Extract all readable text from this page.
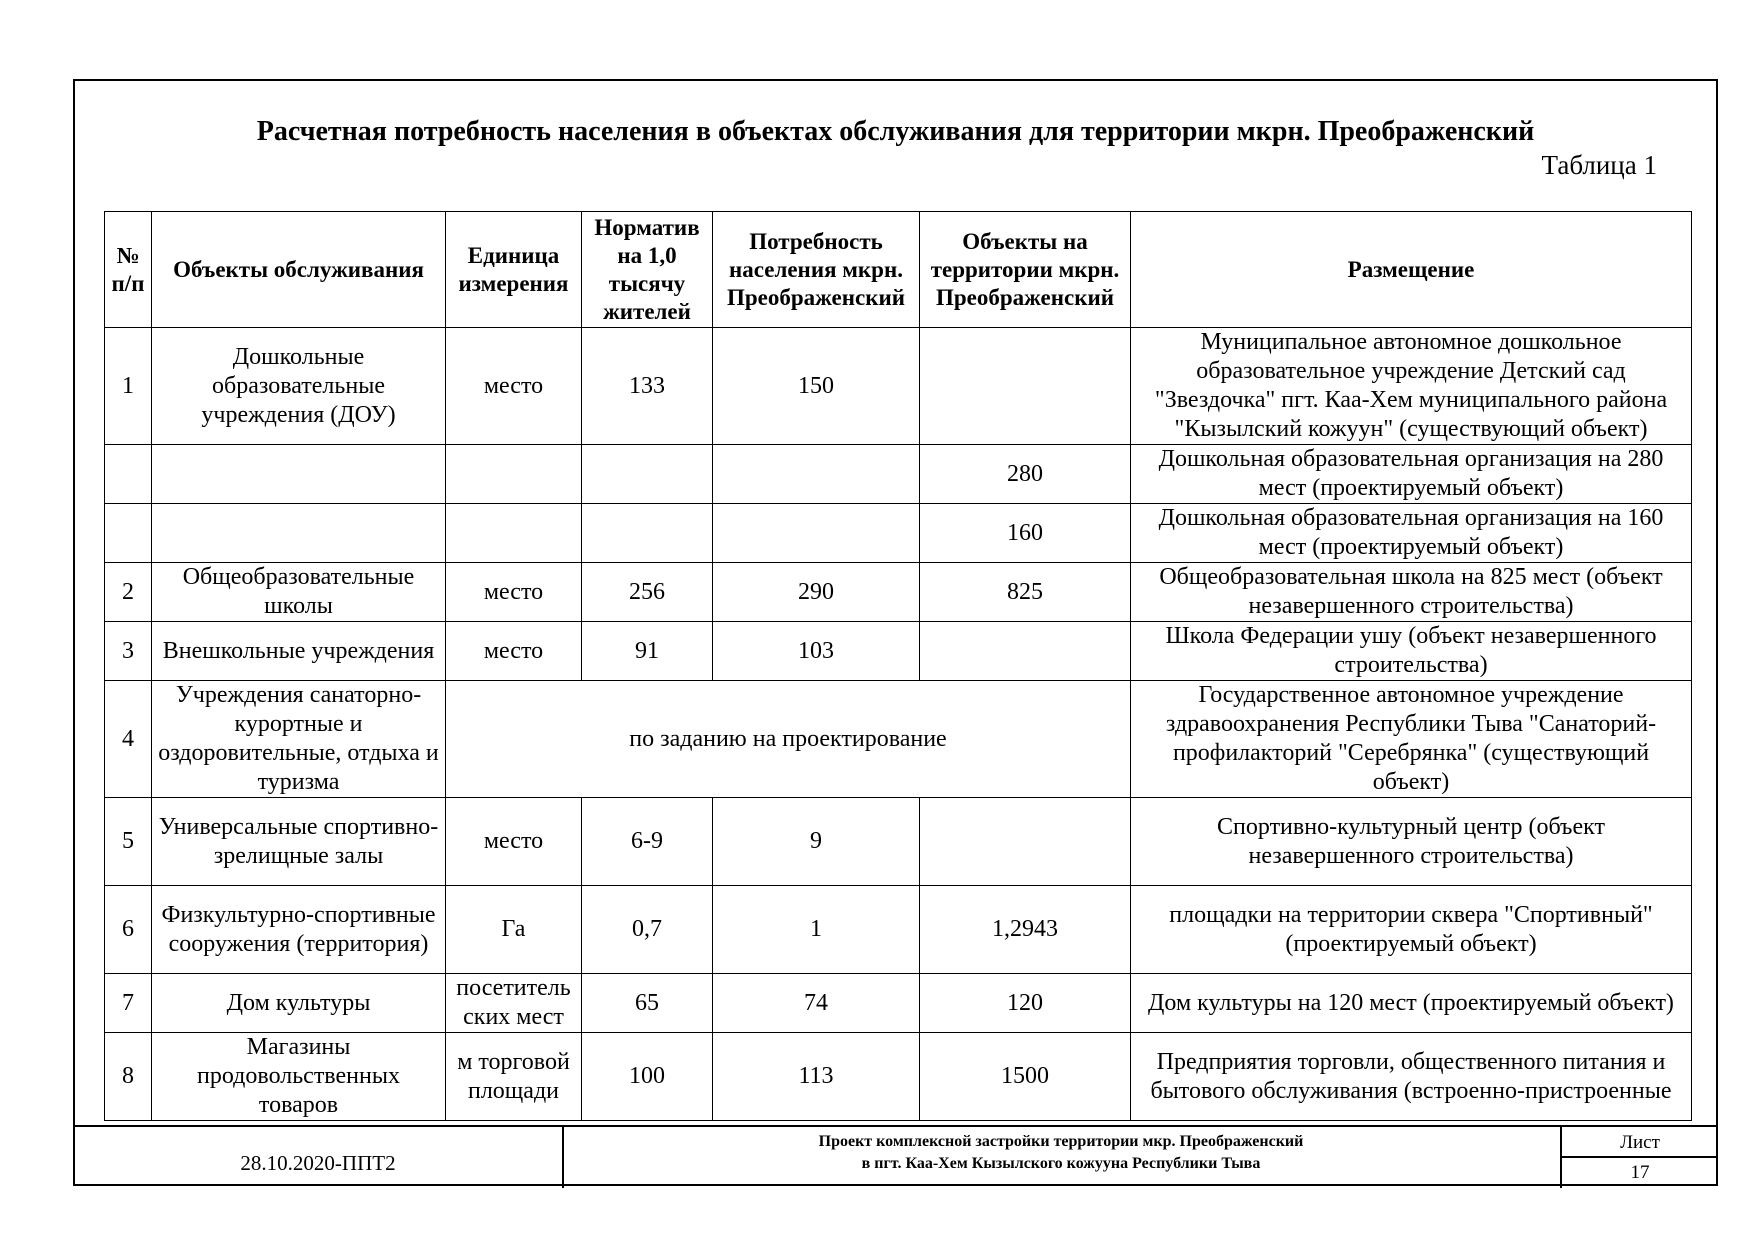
Расчетная потребность населения в объектах обслуживания для территории мкрн. Преображенский
Таблица 1
№ п/п	Объекты обслуживания	Единица измерения	Норматив на 1,0 тысячу жителей	Потребность населения мкрн. Преображенский	Объекты на территории мкрн. Преображенский	Размещение
1	Дошкольные образовательные учреждения (ДОУ)	место	133	150		Муниципальное автономное дошкольное образовательное учреждение Детский сад "Звездочка" пгт. Каа-Хем муниципального района "Кызылский кожуун" (существующий объект)
					280	Дошкольная образовательная организация на 280 мест (проектируемый объект)
					160	Дошкольная образовательная организация на 160 мест (проектируемый объект)
2	Общеобразовательные школы	место	256	290	825	Общеобразовательная школа на 825 мест (объект незавершенного строительства)
3	Внешкольные учреждения	место	91	103		Школа Федерации ушу (объект незавершенного строительства)
4	Учреждения санаторно-курортные и оздоровительные, отдыха и туризма	по заданию на проектирование				Государственное автономное учреждение здравоохранения Республики Тыва "Санаторий-профилакторий "Серебрянка" (существующий объект)
5	Универсальные спортивно- зрелищные залы	место	6-9	9		Спортивно-культурный центр (объект незавершенного строительства)
6	Физкультурно-спортивные сооружения (территория)	Га	0,7	1	1,2943	площадки на территории сквера "Спортивный" (проектируемый объект)
7	Дом культуры	посетитель ских мест	65	74	120	Дом культуры на 120 мест (проектируемый объект)
8	Магазины продовольственных товаров	м торговой площади	100	113	1500	Предприятия торговли, общественного питания и бытового обслуживания (встроенно-пристроенные
28.10.2020-ППТ2
Проект комплексной застройки территории мкр. Преображенский
в пгт. Каа-Хем Кызылского кожууна Республики Тыва
Лист
17
